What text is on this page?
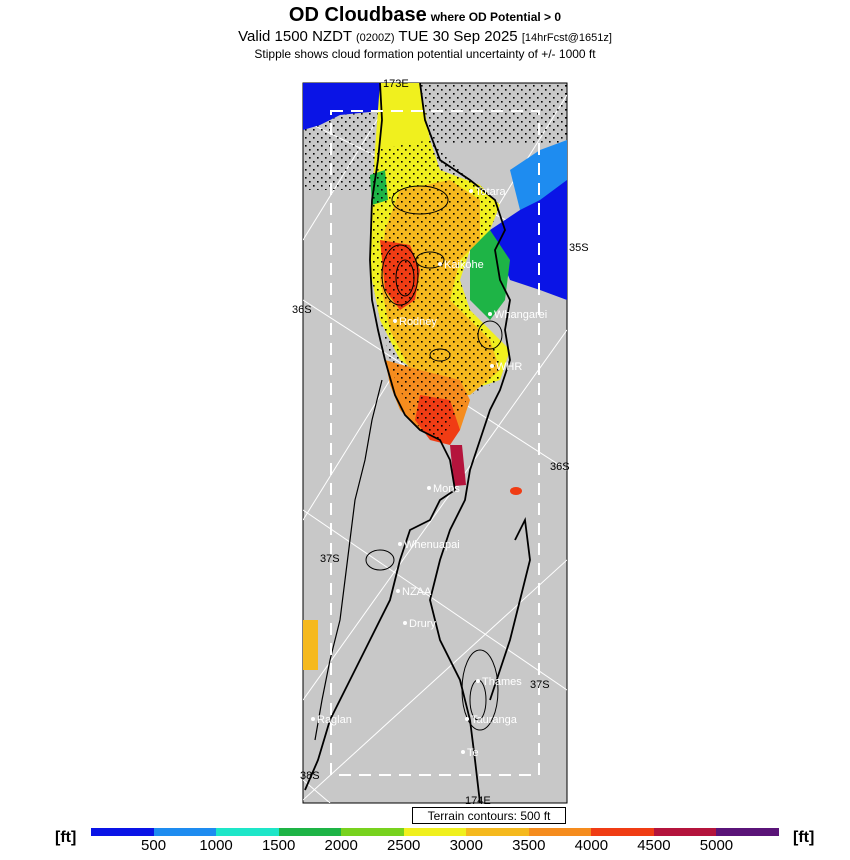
OD Cloudbase where OD Potential > 0
Valid 1500 NZDT (0200Z) TUE 30 Sep 2025 [14hrFcst@1651z]
Stipple shows cloud formation potential uncertainty of +/- 1000 ft
173E
35S
36S
36S
37S
37S
38S
174E
Totara
Kaikohe
Rodney
Whangarei
WHR
Mons
Whenuapai
NZAA
Drury
Thames
Raglan	Tauranga
Te
Terrain contours: 500 ft
[ft]	[ft]
500 1000 1500 2000 2500 3000 3500 4000 4500 5000
